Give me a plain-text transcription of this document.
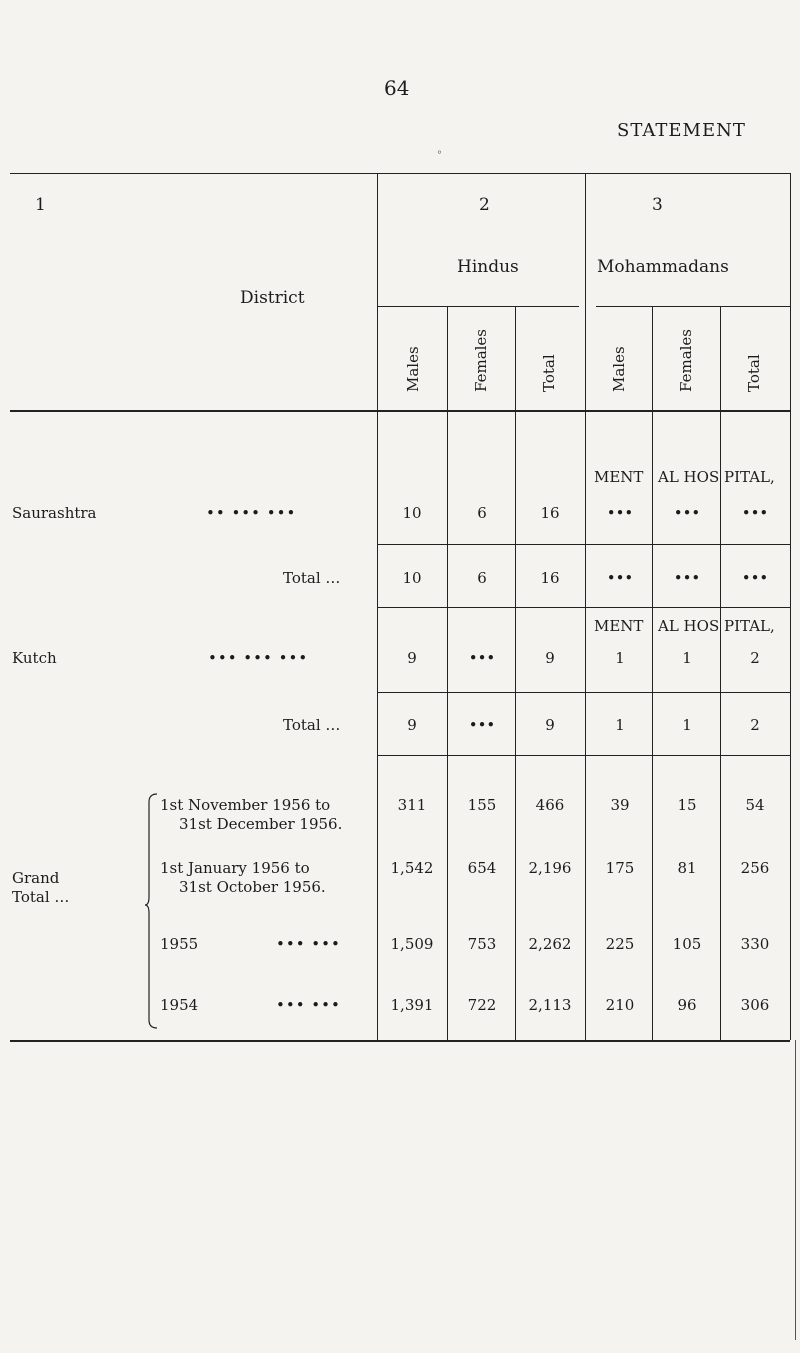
64
STATEMENT
°
1
District
2
Hindus
3
Mohammadans
Males	Females	Total	Males	Females	Total
MENT AL HOS PITAL,
Saurashtra	•• ••• •••	10	6	16	•••	•••	•••
Total …	10	6	16	•••	•••	•••
MENT AL HOS PITAL,
Kutch	••• ••• •••	9	•••	9	1	1	2
Total …	9	•••	9	1	1	2
Grand
Total …
1st November 1956 to
31st December 1956.
311	155	466	39	15	54
1st January 1956 to
31st October 1956.
1,542	654	2,196	175	81	256
1955	••• •••	1,509	753	2,262	225	105	330
1954	••• •••	1,391	722	2,113	210	96	306
